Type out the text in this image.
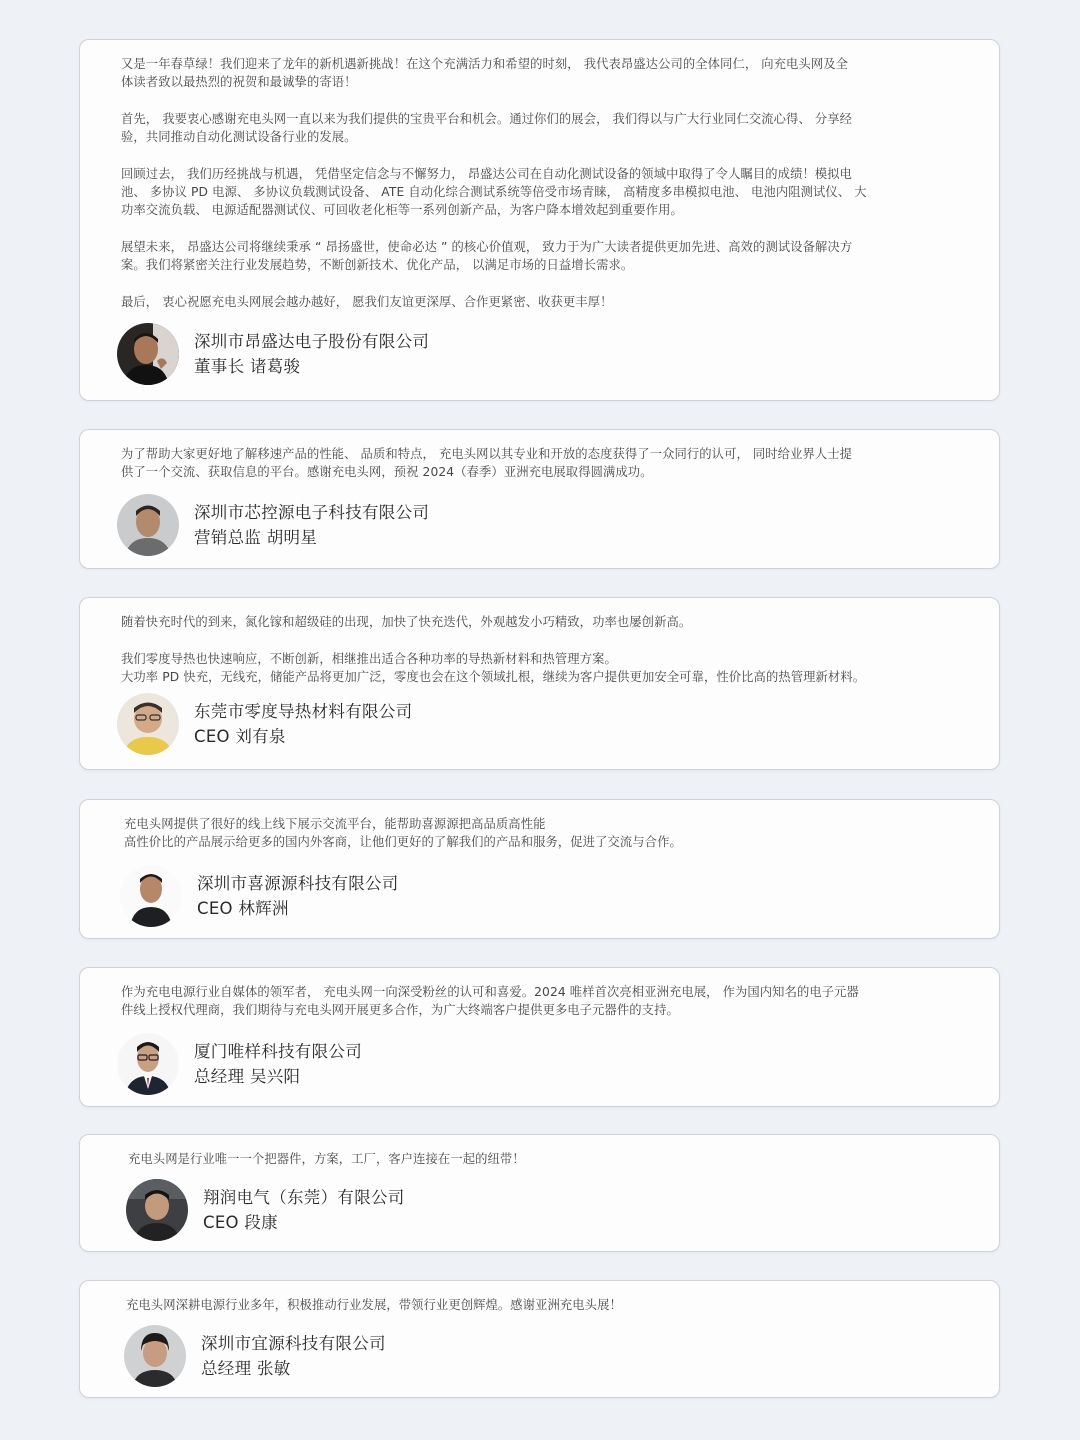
又是一年春草绿！我们迎来了龙年的新机遇新挑战！在这个充满活力和希望的时刻， 我代表昂盛达公司的全体同仁， 向充电头网及全
体读者致以最热烈的祝贺和最诚挚的寄语！

首先， 我要衷心感谢充电头网一直以来为我们提供的宝贵平台和机会。通过你们的展会， 我们得以与广大行业同仁交流心得、 分享经
验，共同推动自动化测试设备行业的发展。

回顾过去， 我们历经挑战与机遇， 凭借坚定信念与不懈努力， 昂盛达公司在自动化测试设备的领域中取得了令人瞩目的成绩！模拟电
池、 多协议 PD 电源、 多协议负载测试设备、 ATE 自动化综合测试系统等倍受市场青睐， 高精度多串模拟电池、 电池内阻测试仪、 大
功率交流负载、 电源适配器测试仪、可回收老化柜等一系列创新产品，为客户降本增效起到重要作用。

展望未来， 昂盛达公司将继续秉承 “ 昂扬盛世，使命必达 ” 的核心价值观， 致力于为广大读者提供更加先进、高效的测试设备解决方
案。我们将紧密关注行业发展趋势，不断创新技术、优化产品， 以满足市场的日益增长需求。

最后， 衷心祝愿充电头网展会越办越好， 愿我们友谊更深厚、合作更紧密、收获更丰厚！

深圳市昂盛达电子股份有限公司
董事长 诸葛骏

为了帮助大家更好地了解移速产品的性能、 品质和特点， 充电头网以其专业和开放的态度获得了一众同行的认可， 同时给业界人士提
供了一个交流、获取信息的平台。感谢充电头网，预祝 2024（春季）亚洲充电展取得圆满成功。

深圳市芯控源电子科技有限公司
营销总监 胡明星

随着快充时代的到来，氮化镓和超级硅的出现，加快了快充迭代，外观越发小巧精致，功率也屡创新高。

我们零度导热也快速响应，不断创新，相继推出适合各种功率的导热新材料和热管理方案。
大功率 PD 快充，无线充，储能产品将更加广泛，零度也会在这个领域扎根，继续为客户提供更加安全可靠，性价比高的热管理新材料。

东莞市零度导热材料有限公司
CEO 刘有泉

充电头网提供了很好的线上线下展示交流平台，能帮助喜源源把高品质高性能
高性价比的产品展示给更多的国内外客商，让他们更好的了解我们的产品和服务，促进了交流与合作。

深圳市喜源源科技有限公司
CEO 林辉洲

作为充电电源行业自媒体的领军者， 充电头网一向深受粉丝的认可和喜爱。2024 唯样首次亮相亚洲充电展， 作为国内知名的电子元器
件线上授权代理商，我们期待与充电头网开展更多合作，为广大终端客户提供更多电子元器件的支持。

厦门唯样科技有限公司
总经理 吴兴阳

充电头网是行业唯一一个把器件，方案，工厂，客户连接在一起的纽带！

翔润电气（东莞）有限公司
CEO 段康

充电头网深耕电源行业多年，积极推动行业发展，带领行业更创辉煌。感谢亚洲充电头展！

深圳市宜源科技有限公司
总经理 张敏
